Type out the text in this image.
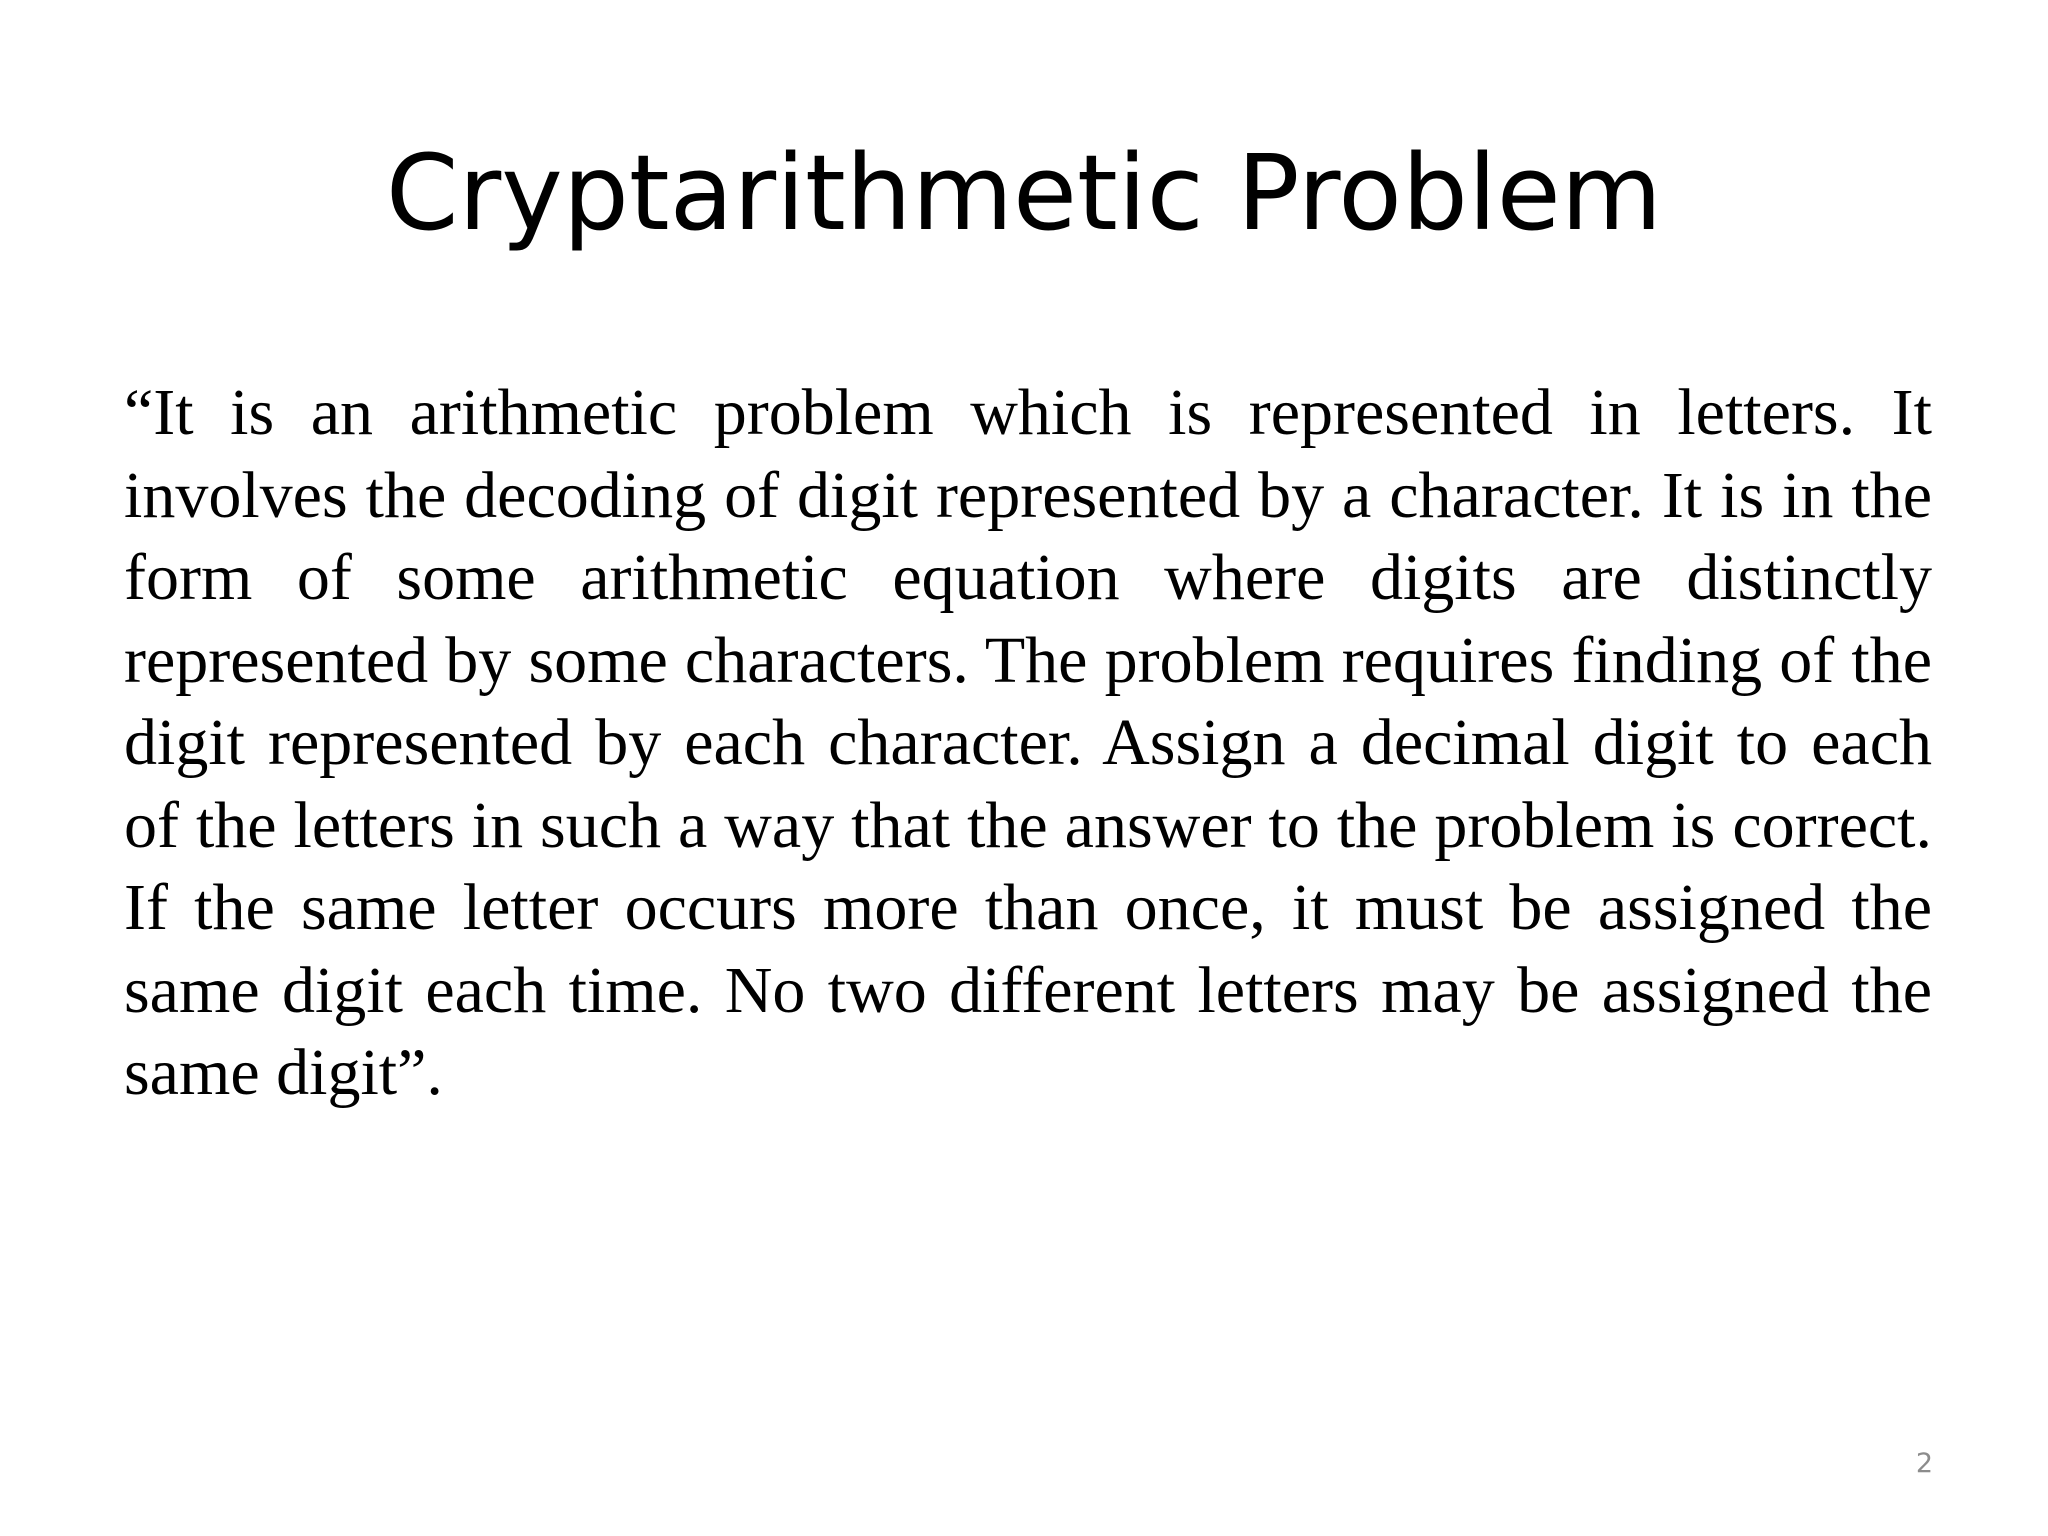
Cryptarithmetic Problem

“It is an arithmetic problem which is represented in letters. It involves the decoding of digit represented by a character. It is in the form of some arithmetic equation where digits are distinctly represented by some characters. The problem requires finding of the digit represented by each character. Assign a decimal digit to each of the letters in such a way that the answer to the problem is correct. If the same letter occurs more than once, it must be assigned the same digit each time. No two different letters may be assigned the same digit”.

2
